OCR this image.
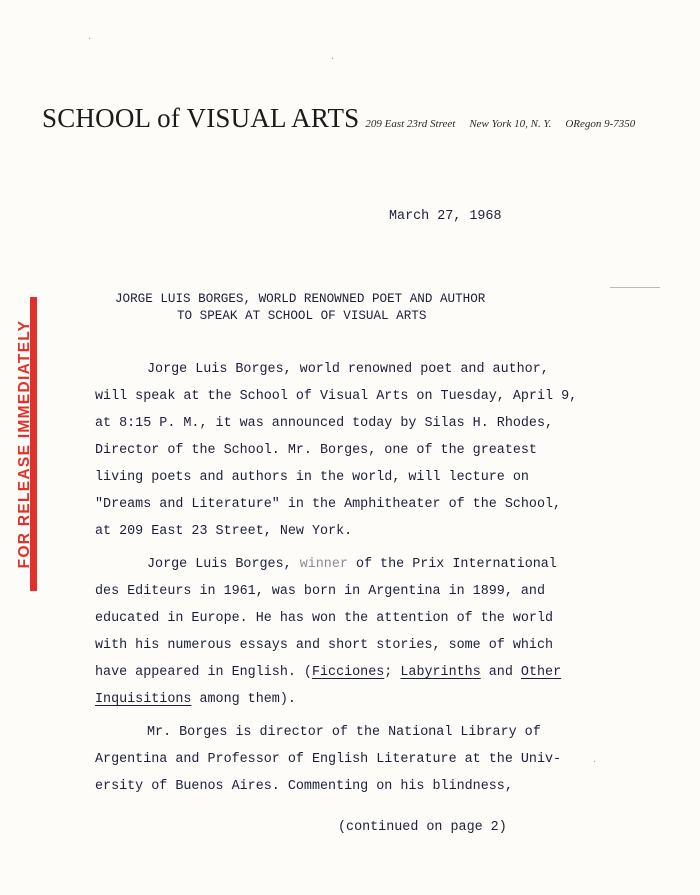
SCHOOL of VISUAL ARTS 209 East 23rd Street New York 10, N. Y. ORegon 9-7350
·
·
·
March 27, 1968
FOR RELEASE IMMEDIATELY
JORGE LUIS BORGES, WORLD RENOWNED POET AND AUTHOR
TO SPEAK AT SCHOOL OF VISUAL ARTS
Jorge Luis Borges, world renowned poet and author,
will speak at the School of Visual Arts on Tuesday, April 9,
at 8:15 P. M., it was announced today by Silas H. Rhodes,
Director of the School. Mr. Borges, one of the greatest
living poets and authors in the world, will lecture on
"Dreams and Literature" in the Amphitheater of the School,
at 209 East 23 Street, New York.
Jorge Luis Borges, winner of the Prix International
des Editeurs in 1961, was born in Argentina in 1899, and
educated in Europe. He has won the attention of the world
with his numerous essays and short stories, some of which
have appeared in English. (Ficciones; Labyrinths and Other
Inquisitions among them).
Mr. Borges is director of the National Library of
Argentina and Professor of English Literature at the Univ-
ersity of Buenos Aires. Commenting on his blindness,
(continued on page 2)
